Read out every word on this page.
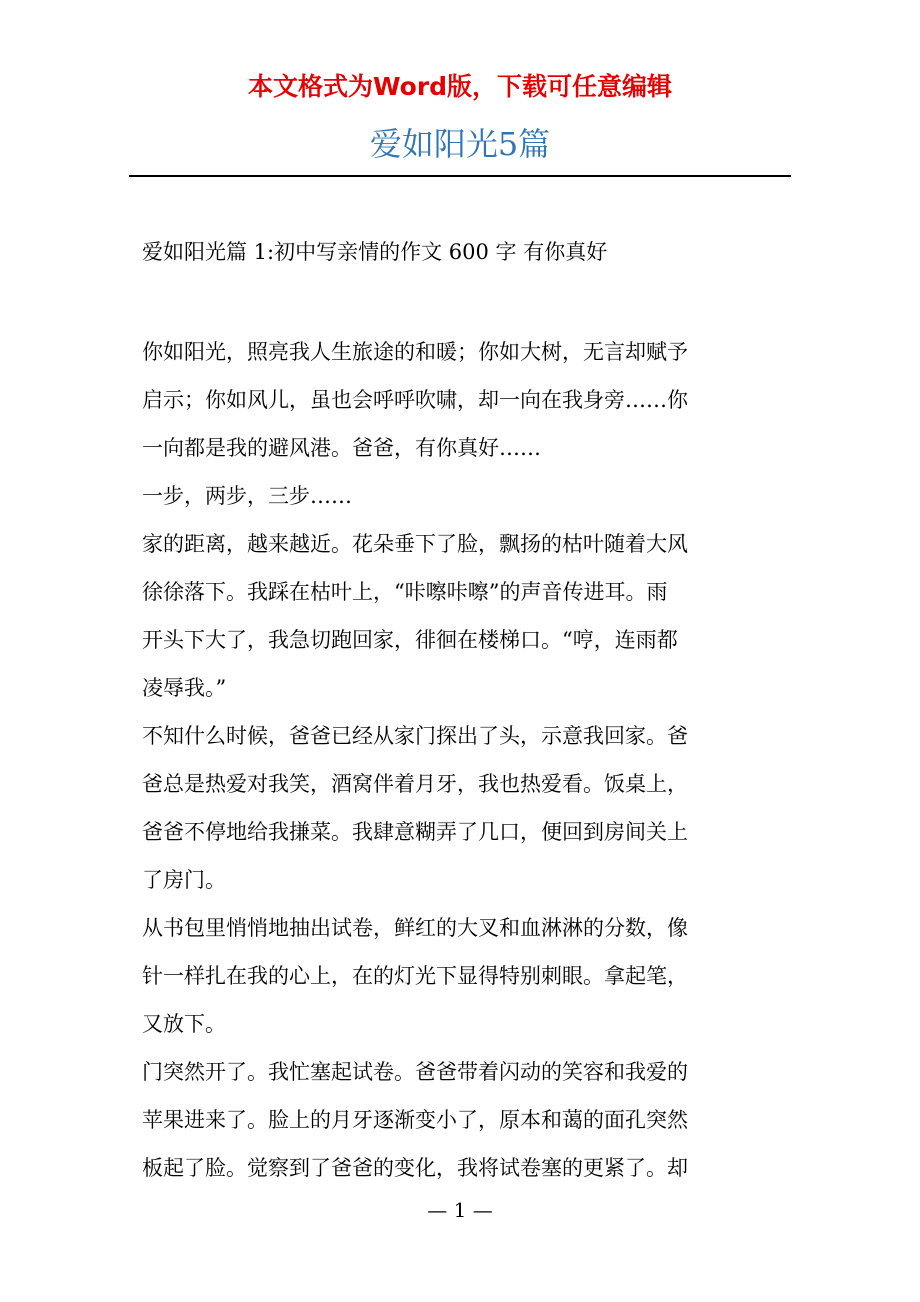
本文格式为Word版，下载可任意编辑
爱如阳光5篇
爱如阳光篇 1:初中写亲情的作文 600 字 有你真好
你如阳光，照亮我人生旅途的和暖；你如大树，无言却赋予
启示；你如风儿，虽也会呼呼吹啸，却一向在我身旁……你
一向都是我的避风港。爸爸，有你真好……
一步，两步，三步……
家的距离，越来越近。花朵垂下了脸，飘扬的枯叶随着大风
徐徐落下。我踩在枯叶上，“咔嚓咔嚓”的声音传进耳。雨
开头下大了，我急切跑回家，徘徊在楼梯口。“哼，连雨都
凌辱我。”
不知什么时候，爸爸已经从家门探出了头，示意我回家。爸
爸总是热爱对我笑，酒窝伴着月牙，我也热爱看。饭桌上，
爸爸不停地给我搛菜。我肆意糊弄了几口，便回到房间关上
了房门。
从书包里悄悄地抽出试卷，鲜红的大叉和血淋淋的分数，像
针一样扎在我的心上，在的灯光下显得特别刺眼。拿起笔，
又放下。
门突然开了。我忙塞起试卷。爸爸带着闪动的笑容和我爱的
苹果进来了。脸上的月牙逐渐变小了，原本和蔼的面孔突然
板起了脸。觉察到了爸爸的变化，我将试卷塞的更紧了。却
— 1 —
